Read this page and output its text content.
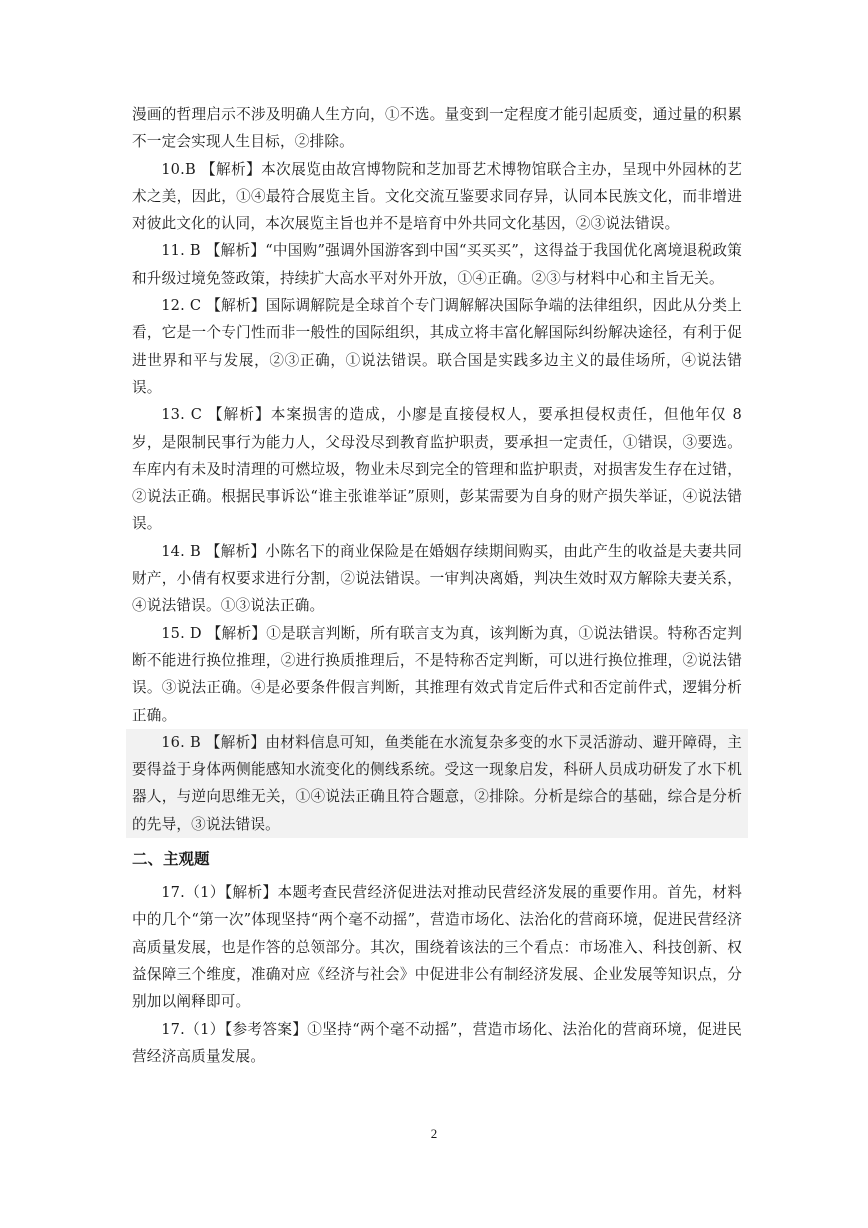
漫画的哲理启示不涉及明确人生方向，①不选。量变到一定程度才能引起质变，通过量的积累不一定会实现人生目标，②排除。

10.B 【解析】本次展览由故宫博物院和芝加哥艺术博物馆联合主办，呈现中外园林的艺术之美，因此，①④最符合展览主旨。文化交流互鉴要求同存异，认同本民族文化，而非增进对彼此文化的认同，本次展览主旨也并不是培育中外共同文化基因，②③说法错误。

11. B 【解析】“中国购”强调外国游客到中国“买买买”，这得益于我国优化离境退税政策和升级过境免签政策，持续扩大高水平对外开放，①④正确。②③与材料中心和主旨无关。

12. C 【解析】国际调解院是全球首个专门调解解决国际争端的法律组织，因此从分类上看，它是一个专门性而非一般性的国际组织，其成立将丰富化解国际纠纷解决途径，有利于促进世界和平与发展，②③正确，①说法错误。联合国是实践多边主义的最佳场所，④说法错误。

13. C 【解析】本案损害的造成，小廖是直接侵权人，要承担侵权责任，但他年仅 8 岁，是限制民事行为能力人，父母没尽到教育监护职责，要承担一定责任，①错误，③要选。车库内有未及时清理的可燃垃圾，物业未尽到完全的管理和监护职责，对损害发生存在过错，②说法正确。根据民事诉讼“谁主张谁举证”原则，彭某需要为自身的财产损失举证，④说法错误。

14. B 【解析】小陈名下的商业保险是在婚姻存续期间购买，由此产生的收益是夫妻共同财产，小倩有权要求进行分割，②说法错误。一审判决离婚，判决生效时双方解除夫妻关系，④说法错误。①③说法正确。

15. D 【解析】①是联言判断，所有联言支为真，该判断为真，①说法错误。特称否定判断不能进行换位推理，②进行换质推理后，不是特称否定判断，可以进行换位推理，②说法错误。③说法正确。④是必要条件假言判断，其推理有效式肯定后件式和否定前件式，逻辑分析正确。

16. B 【解析】由材料信息可知，鱼类能在水流复杂多变的水下灵活游动、避开障碍，主要得益于身体两侧能感知水流变化的侧线系统。受这一现象启发，科研人员成功研发了水下机器人，与逆向思维无关，①④说法正确且符合题意，②排除。分析是综合的基础，综合是分析的先导，③说法错误。

二、主观题

17.（1）【解析】本题考查民营经济促进法对推动民营经济发展的重要作用。首先，材料中的几个“第一次”体现坚持“两个毫不动摇”，营造市场化、法治化的营商环境，促进民营经济高质量发展，也是作答的总领部分。其次，围绕着该法的三个看点：市场准入、科技创新、权益保障三个维度，准确对应《经济与社会》中促进非公有制经济发展、企业发展等知识点，分别加以阐释即可。

17.（1）【参考答案】①坚持“两个毫不动摇”，营造市场化、法治化的营商环境，促进民营经济高质量发展。

2
